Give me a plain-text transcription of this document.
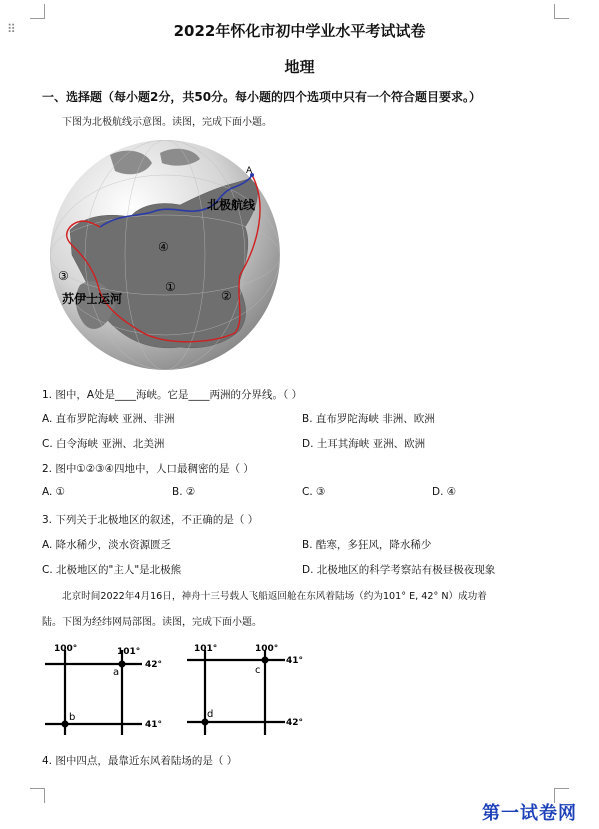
⠿	2022年怀化市初中学业水平考试试卷
地理
一、选择题（每小题2分，共50分。每小题的四个选项中只有一个符合题目要求。）
下图为北极航线示意图。读图，完成下面小题。
A
北极航线
苏伊士运河
①
②
③
④
1. 图中，A处是____海峡。它是____两洲的分界线。（ ）
A. 直布罗陀海峡 亚洲、非洲	B. 直布罗陀海峡 非洲、欧洲
C. 白令海峡 亚洲、北美洲	D. 土耳其海峡 亚洲、欧洲
2. 图中①②③④四地中，人口最稠密的是（ ）
A. ①	B. ②	C. ③	D. ④
3. 下列关于北极地区的叙述，不正确的是（ ）
A. 降水稀少，淡水资源匮乏	B. 酷寒，多狂风，降水稀少
C. 北极地区的"主人"是北极熊	D. 北极地区的科学考察站有极昼极夜现象
北京时间2022年4月16日，神舟十三号载人飞船返回舱在东风着陆场（约为101° E, 42° N）成功着
陆。下图为经纬网局部图。读图，完成下面小题。
100°	101°
42°
41°
a
b
101°	100°
41°
42°
c
d
4. 图中四点，最靠近东风着陆场的是（ ）
第一试卷网
